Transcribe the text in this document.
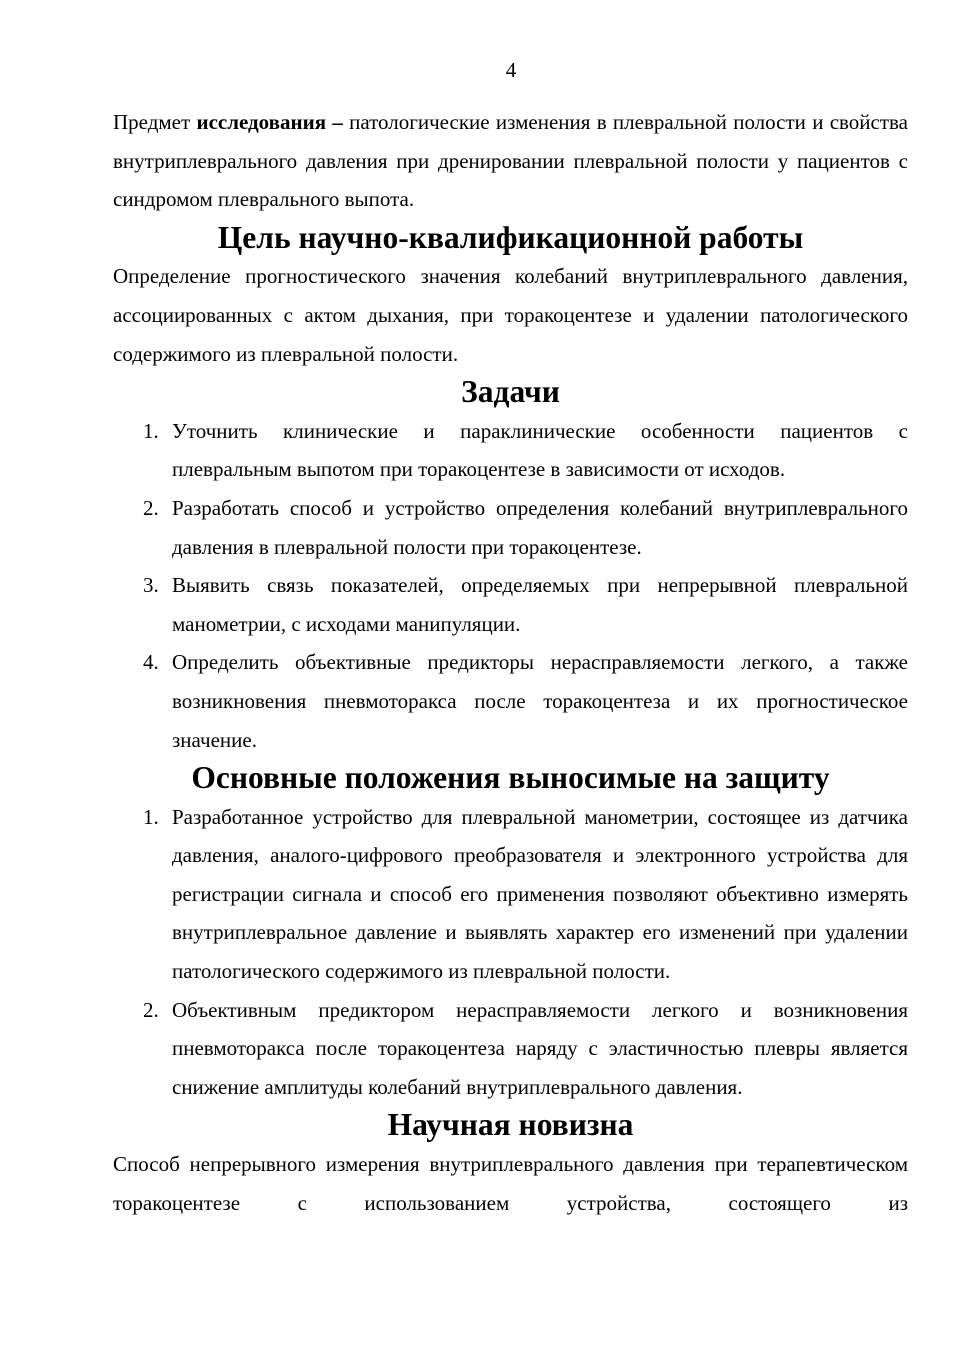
4

Предмет исследования – патологические изменения в плевральной полости и свойства внутриплеврального давления при дренировании плевральной полости у пациентов с синдромом плеврального выпота.

Цель научно-квалификационной работы

Определение прогностического значения колебаний внутриплеврального давления, ассоциированных с актом дыхания, при торакоцентезе и удалении патологического содержимого из плевральной полости.

Задачи
1. Уточнить клинические и параклинические особенности пациентов с плевральным выпотом при торакоцентезе в зависимости от исходов.
2. Разработать способ и устройство определения колебаний внутриплеврального давления в плевральной полости при торакоцентезе.
3. Выявить связь показателей, определяемых при непрерывной плевральной манометрии, с исходами манипуляции.
4. Определить объективные предикторы нерасправляемости легкого, а также возникновения пневмоторакса после торакоцентеза и их прогностическое значение.
Основные положения выносимые на защиту
1. Разработанное устройство для плевральной манометрии, состоящее из датчика давления, аналого-цифрового преобразователя и электронного устройства для регистрации сигнала и способ его применения позволяют объективно измерять внутриплевральное давление и выявлять характер его изменений при удалении патологического содержимого из плевральной полости.
2. Объективным предиктором нерасправляемости легкого и возникновения пневмоторакса после торакоцентеза наряду с эластичностью плевры является снижение амплитуды колебаний внутриплеврального давления.
Научная новизна

Способ непрерывного измерения внутриплеврального давления при терапевтическом торакоцентезе с использованием устройства, состоящего из
